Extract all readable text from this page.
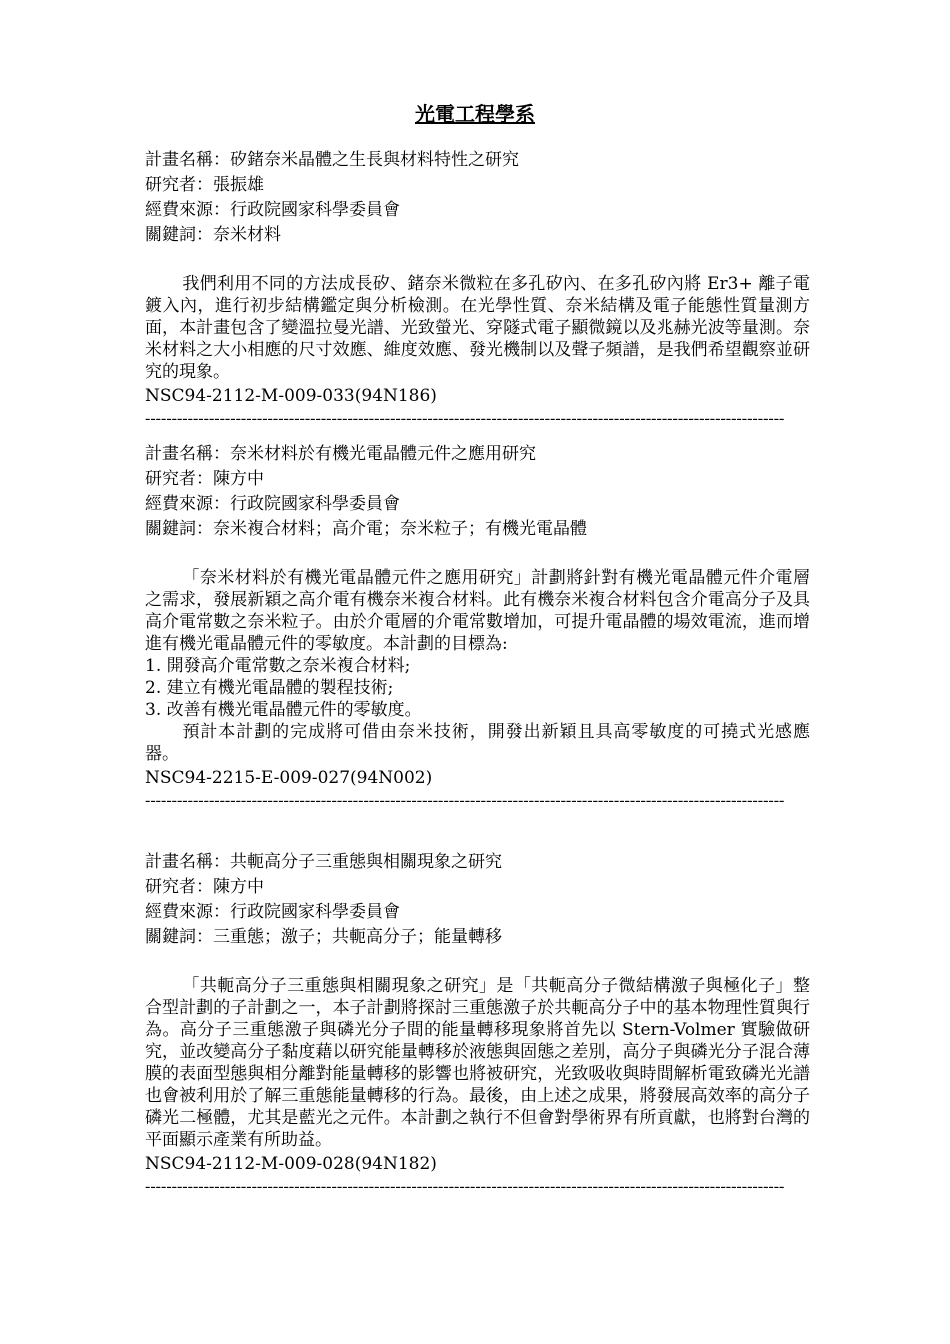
光電工程學系
計畫名稱：矽鍺奈米晶體之生長與材料特性之研究
研究者：張振雄
經費來源：行政院國家科學委員會
關鍵詞：奈米材料

我們利用不同的方法成長矽、鍺奈米微粒在多孔矽內、在多孔矽內將 Er3+ 離子電鍍入內，進行初步結構鑑定與分析檢測。在光學性質、奈米結構及電子能態性質量測方面，本計畫包含了變溫拉曼光譜、光致螢光、穿隧式電子顯微鏡以及兆赫光波等量測。奈米材料之大小相應的尺寸效應、維度效應、發光機制以及聲子頻譜，是我們希望觀察並研究的現象。

NSC94-2112-M-009-033(94N186)
------------------------------------------------------------------------------------------------------------------------
計畫名稱：奈米材料於有機光電晶體元件之應用研究
研究者：陳方中
經費來源：行政院國家科學委員會
關鍵詞：奈米複合材料；高介電；奈米粒子；有機光電晶體

「奈米材料於有機光電晶體元件之應用研究」計劃將針對有機光電晶體元件介電層之需求，發展新穎之高介電有機奈米複合材料。此有機奈米複合材料包含介電高分子及具高介電常數之奈米粒子。由於介電層的介電常數增加，可提升電晶體的場效電流，進而增進有機光電晶體元件的零敏度。本計劃的目標為:

1. 開發高介電常數之奈米複合材料;

2. 建立有機光電晶體的製程技術;

3. 改善有機光電晶體元件的零敏度。

預計本計劃的完成將可借由奈米技術，開發出新穎且具高零敏度的可撓式光感應器。

NSC94-2215-E-009-027(94N002)
------------------------------------------------------------------------------------------------------------------------
計畫名稱：共軛高分子三重態與相關現象之研究
研究者：陳方中
經費來源：行政院國家科學委員會
關鍵詞：三重態；激子；共軛高分子；能量轉移

「共軛高分子三重態與相關現象之研究」是「共軛高分子微結構激子與極化子」整合型計劃的子計劃之一，本子計劃將探討三重態激子於共軛高分子中的基本物理性質與行為。高分子三重態激子與磷光分子間的能量轉移現象將首先以 Stern-Volmer 實驗做研究，並改變高分子黏度藉以研究能量轉移於液態與固態之差別，高分子與磷光分子混合薄膜的表面型態與相分離對能量轉移的影響也將被研究，光致吸收與時間解析電致磷光光譜也會被利用於了解三重態能量轉移的行為。最後，由上述之成果，將發展高效率的高分子磷光二極體，尤其是藍光之元件。本計劃之執行不但會對學術界有所貢獻，也將對台灣的平面顯示產業有所助益。

NSC94-2112-M-009-028(94N182)
------------------------------------------------------------------------------------------------------------------------
